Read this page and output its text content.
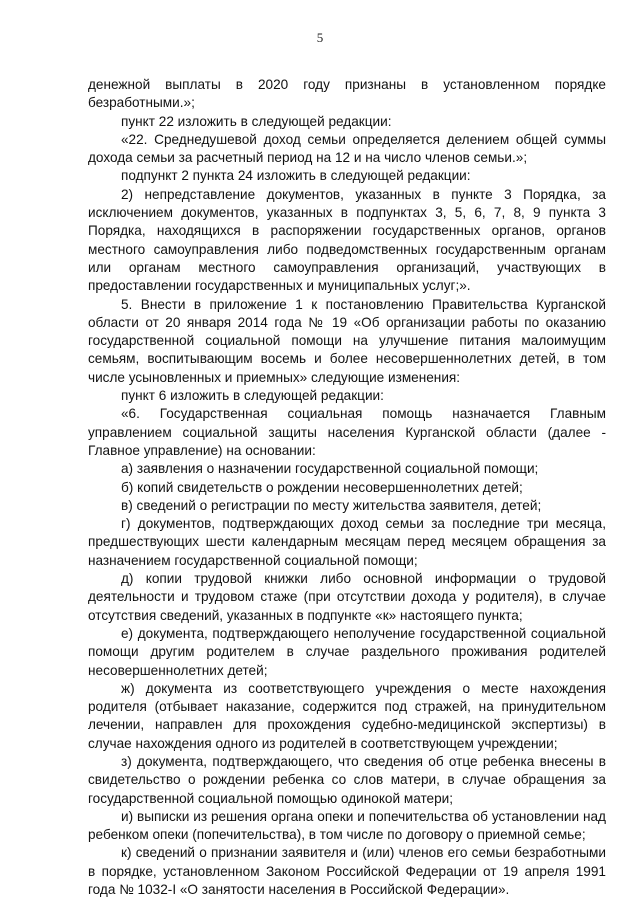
5

денежной выплаты в 2020 году признаны в установленном порядке безработными.»;

пункт 22 изложить в следующей редакции:

«22. Среднедушевой доход семьи определяется делением общей суммы дохода семьи за расчетный период на 12 и на число членов семьи.»;

подпункт 2 пункта 24 изложить в следующей редакции:

2) непредставление документов, указанных в пункте 3 Порядка, за исключением документов, указанных в подпунктах 3, 5, 6, 7, 8, 9 пункта 3 Порядка, находящихся в распоряжении государственных органов, органов местного самоуправления либо подведомственных государственным органам или органам местного самоуправления организаций, участвующих в предоставлении государственных и муниципальных услуг;».

5. Внести в приложение 1 к постановлению Правительства Курганской области от 20 января 2014 года № 19 «Об организации работы по оказанию государственной социальной помощи на улучшение питания малоимущим семьям, воспитывающим восемь и более несовершеннолетних детей, в том числе усыновленных и приемных» следующие изменения:

пункт 6 изложить в следующей редакции:

«6. Государственная социальная помощь назначается Главным управлением социальной защиты населения Курганской области (далее - Главное управление) на основании:

а) заявления о назначении государственной социальной помощи;

б) копий свидетельств о рождении несовершеннолетних детей;

в) сведений о регистрации по месту жительства заявителя, детей;

г) документов, подтверждающих доход семьи за последние три месяца, предшествующих шести календарным месяцам перед месяцем обращения за назначением государственной социальной помощи;

д) копии трудовой книжки либо основной информации о трудовой деятельности и трудовом стаже (при отсутствии дохода у родителя), в случае отсутствия сведений, указанных в подпункте «к» настоящего пункта;

е) документа, подтверждающего неполучение государственной социальной помощи другим родителем в случае раздельного проживания родителей несовершеннолетних детей;

ж) документа из соответствующего учреждения о месте нахождения родителя (отбывает наказание, содержится под стражей, на принудительном лечении, направлен для прохождения судебно-медицинской экспертизы) в случае нахождения одного из родителей в соответствующем учреждении;

з) документа, подтверждающего, что сведения об отце ребенка внесены в свидетельство о рождении ребенка со слов матери, в случае обращения за государственной социальной помощью одинокой матери;

и) выписки из решения органа опеки и попечительства об установлении над ребенком опеки (попечительства), в том числе по договору о приемной семье;

к) сведений о признании заявителя и (или) членов его семьи безработными в порядке, установленном Законом Российской Федерации от 19 апреля 1991 года № 1032-I «О занятости населения в Российской Федерации».
